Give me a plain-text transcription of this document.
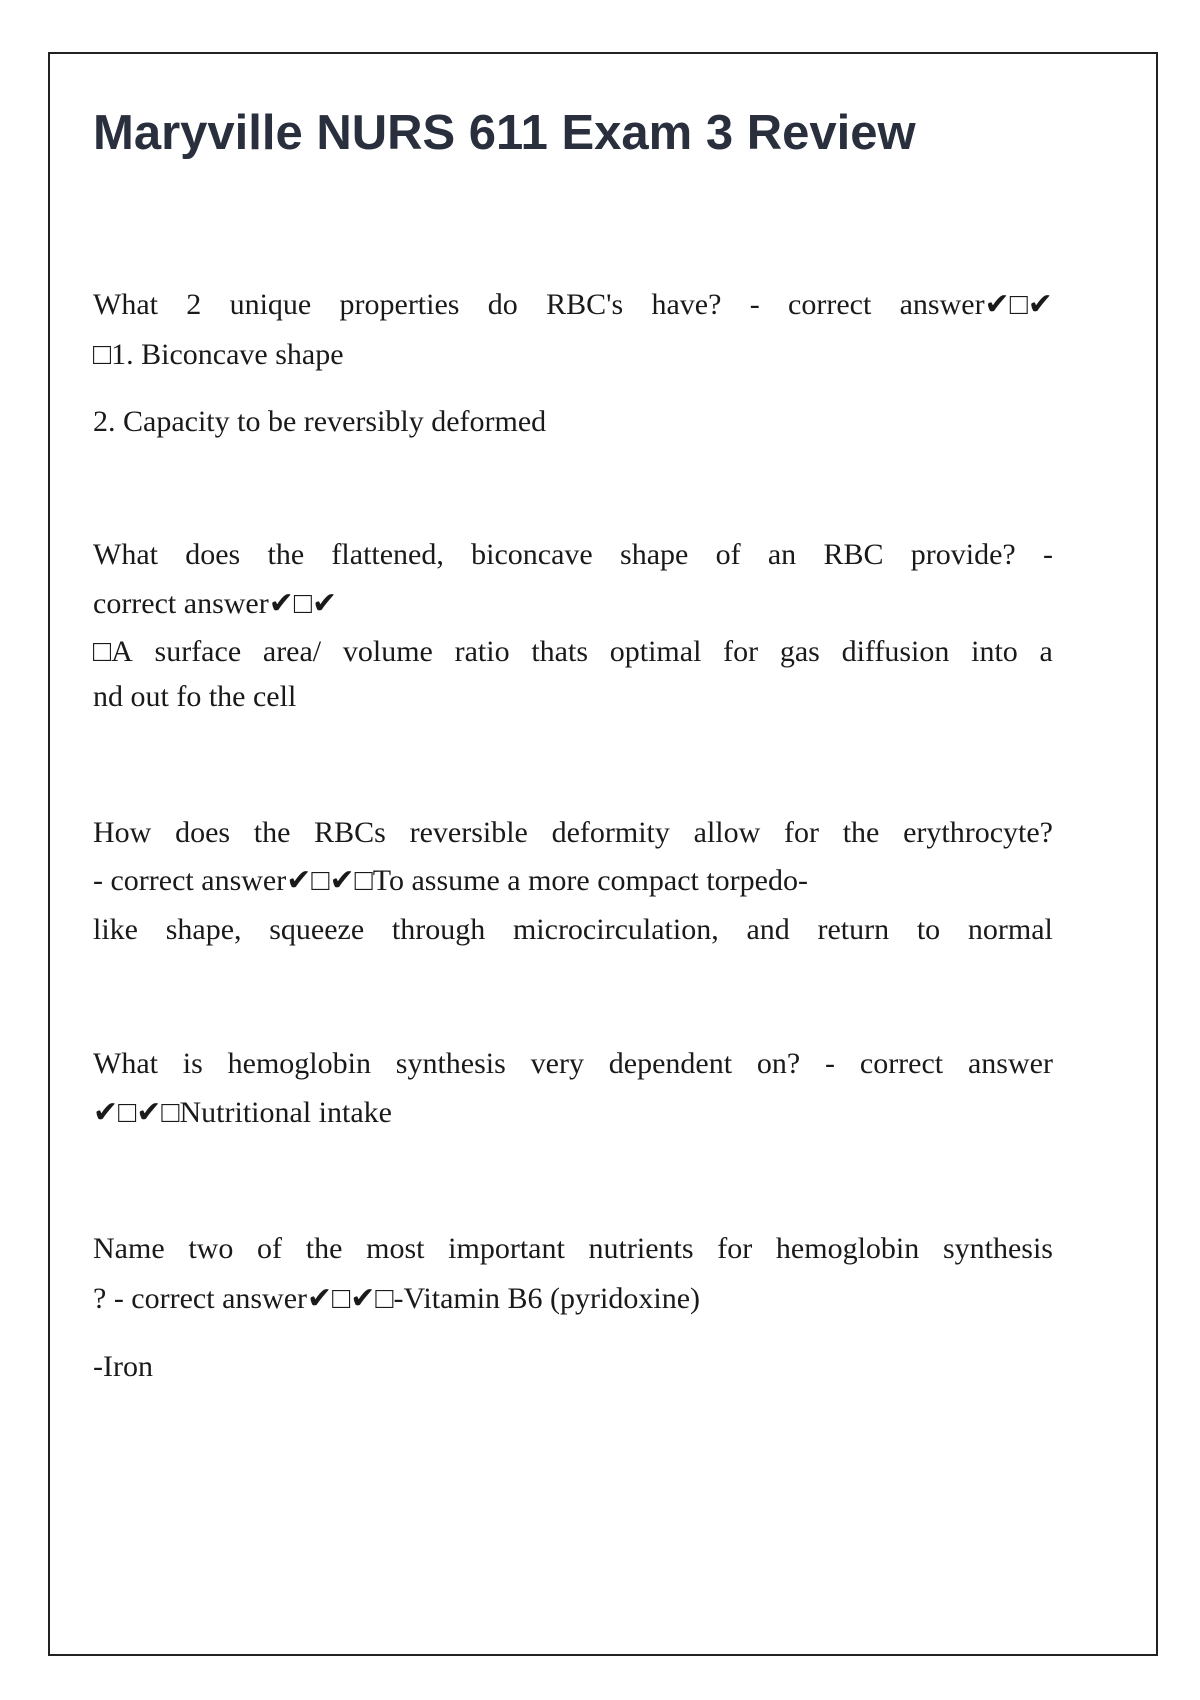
Maryville NURS 611 Exam 3 Review

What 2 unique properties do RBC's have? - correct answer✔□✔

□1. Biconcave shape

2. Capacity to be reversibly deformed

What does the flattened, biconcave shape of an RBC provide? -

correct answer✔□✔

□A surface area/ volume ratio thats optimal for gas diffusion into a

nd out fo the cell

How does the RBCs reversible deformity allow for the erythrocyte?

- correct answer✔□✔□To assume a more compact torpedo-

like shape, squeeze through microcirculation, and return to normal

What is hemoglobin synthesis very dependent on? - correct answer

✔□✔□Nutritional intake

Name two of the most important nutrients for hemoglobin synthesis

? - correct answer✔□✔□-Vitamin B6 (pyridoxine)

-Iron
